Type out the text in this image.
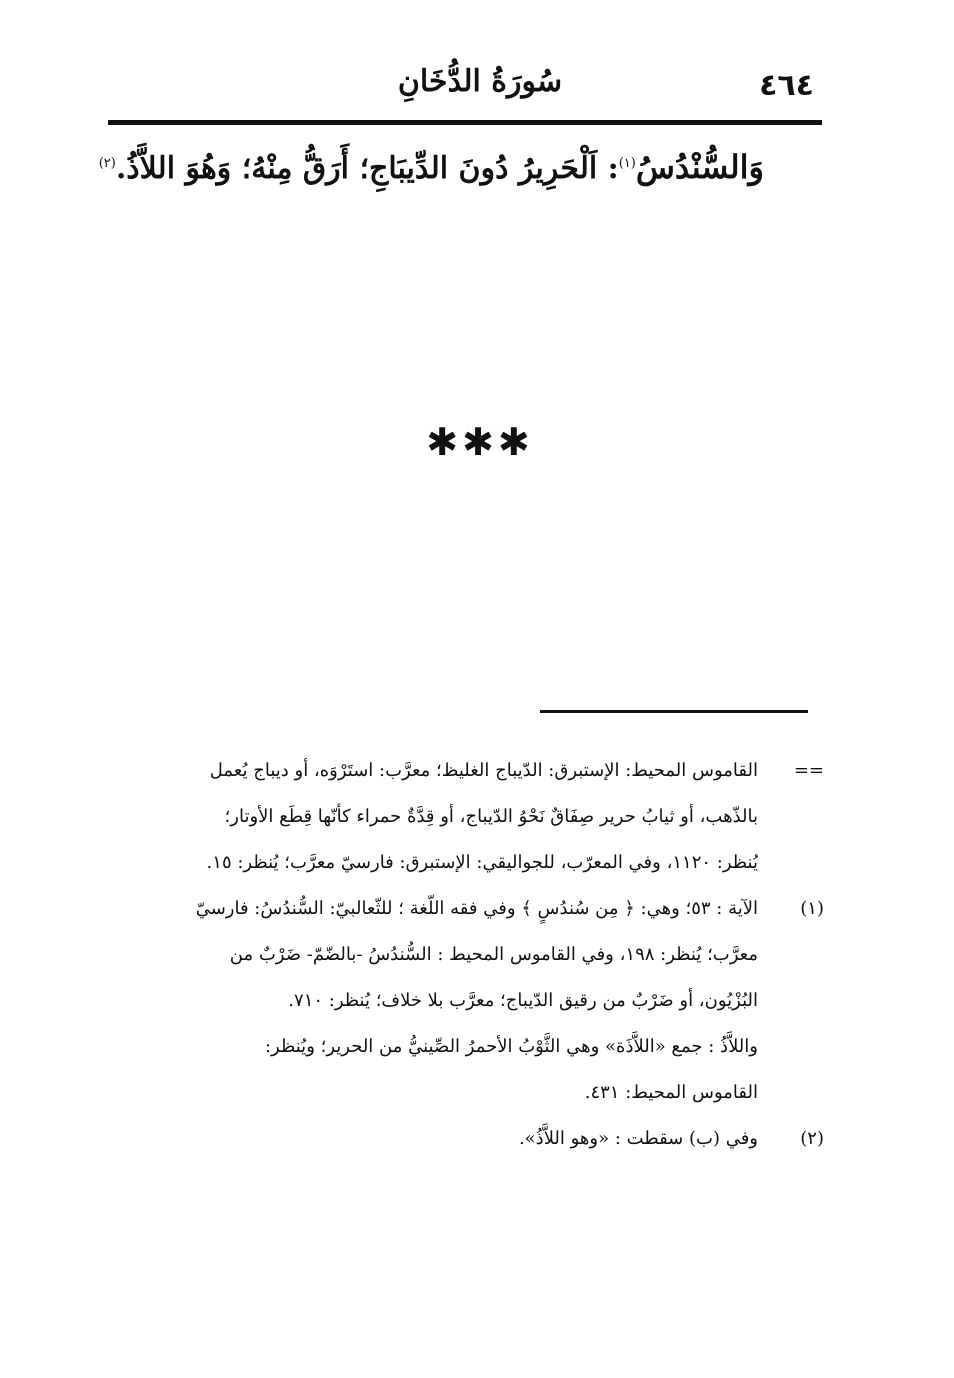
٤٦٤
سُورَةُ الدُّخَانِ
وَالسُّنْدُسُ$^{(١)}$: اَلْحَرِيرُ دُونَ الدِّيبَاجِ؛ أَرَقُّ مِنْهُ؛ وَهُوَ اللاَّذُ.$^{(٢)}$
✱✱✱
==
القاموس المحيط: الإستبرق: الدّيباج الغليظ؛ معرَّب: استَرْوَه، أو ديباج يُعمل
بالذّهب، أو ثيابُ حرير صِفَاقٌ نَحْوُ الدّيباج، أو قِدَّةٌ حمراء كأنّها قِطَع الأوتار؛
يُنظر: ١١٢٠، وفي المعرّب، للجواليقي: الإستبرق: فارسيّ معرَّب؛ يُنظر: ١٥.
(١)
الآية : ٥٣؛ وهي: ﴿ مِن سُندُسٍ ﴾ وفي فقه اللّغة ؛ للثّعالبيّ: السُّندُسُ: فارسيّ
معرَّب؛ يُنظر: ١٩٨، وفي القاموس المحيط : السُّندُسُ -بالضّمّ- ضَرْبٌ من
البُزْيُون، أو ضَرْبٌ من رقيق الدّيباج؛ معرَّب بلا خلاف؛ يُنظر: ٧١٠.
واللاَّذُ : جمع «اللاَّذَة» وهي الثَّوْبُ الأحمرُ الصِّينيُّ من الحرير؛ ويُنظر:
القاموس المحيط: ٤٣١.
(٢)
وفي (ب) سقطت : «وهو اللاَّذُ».
